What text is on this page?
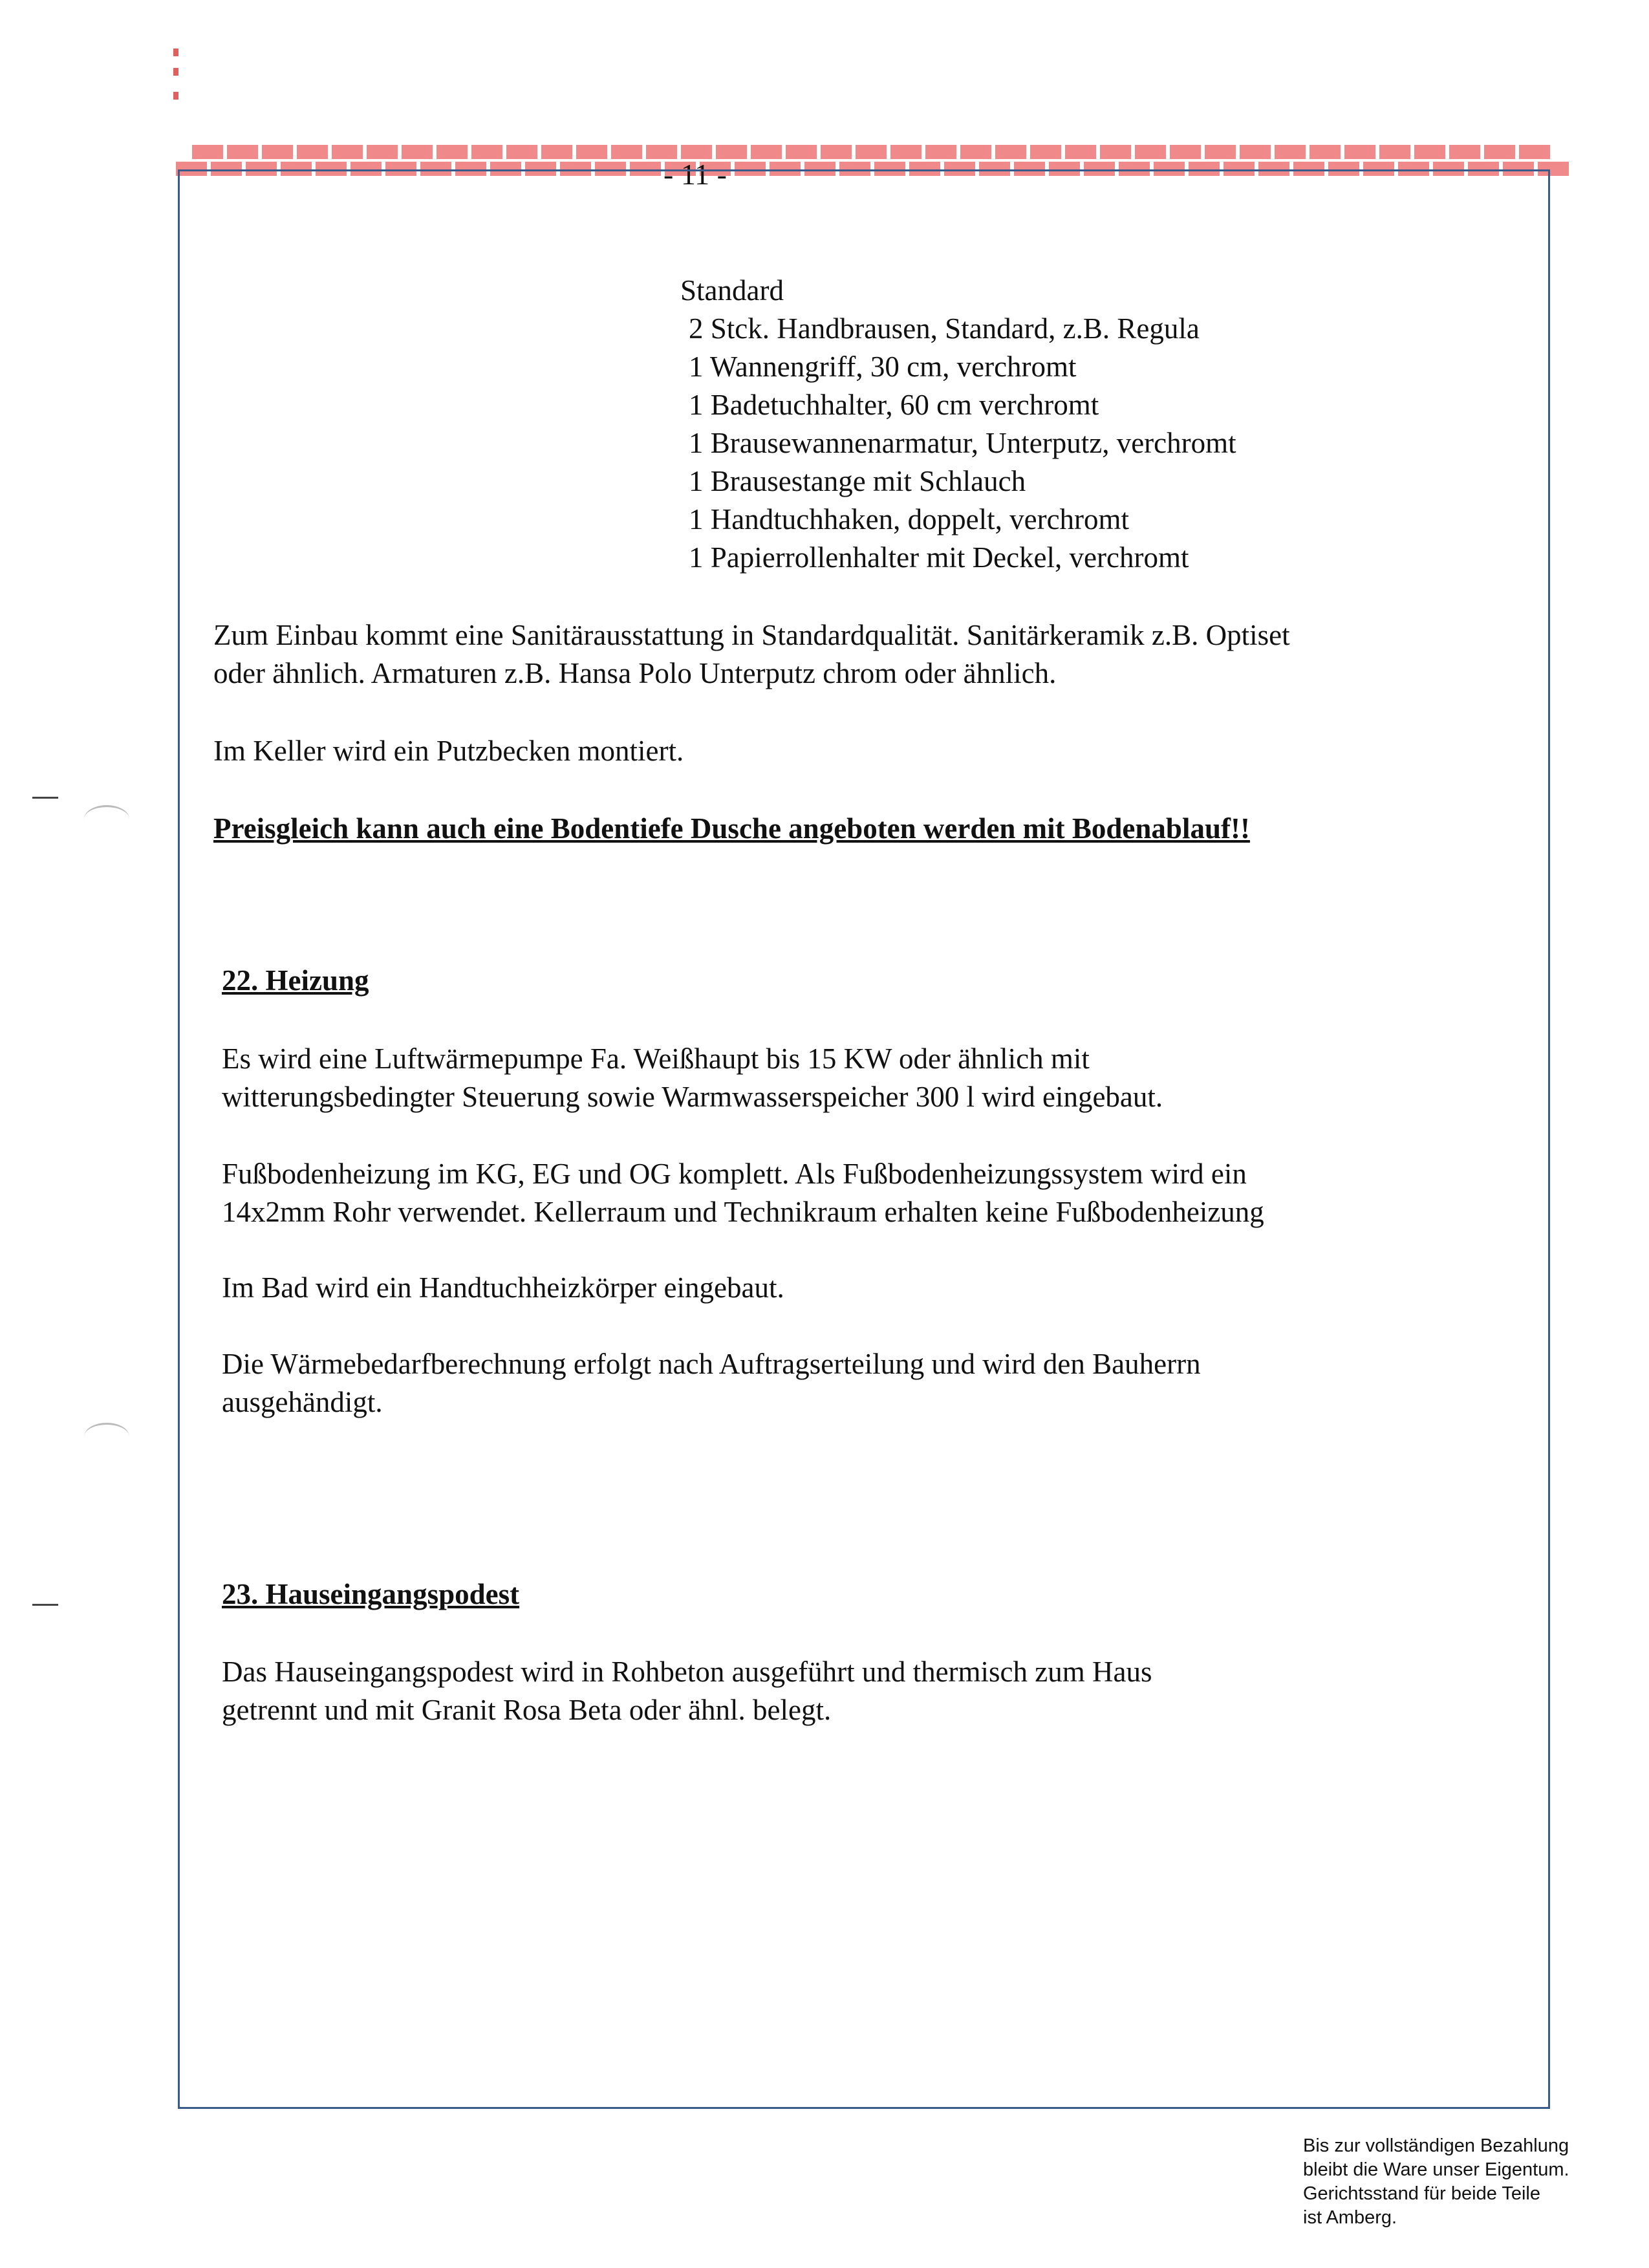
- 11 -
Standard
2 Stck. Handbrausen, Standard, z.B. Regula
1 Wannengriff, 30 cm, verchromt
1 Badetuchhalter, 60 cm verchromt
1 Brausewannenarmatur, Unterputz, verchromt
1 Brausestange mit Schlauch
1 Handtuchhaken, doppelt, verchromt
1 Papierrollenhalter mit Deckel, verchromt
Zum Einbau kommt eine Sanitärausstattung in Standardqualität. Sanitärkeramik z.B. Optiset
oder ähnlich. Armaturen z.B. Hansa Polo Unterputz chrom oder ähnlich.
Im Keller wird ein Putzbecken montiert.
Preisgleich kann auch eine Bodentiefe Dusche angeboten werden mit Bodenablauf!!
22. Heizung
Es wird eine Luftwärmepumpe Fa. Weißhaupt bis 15 KW oder ähnlich mit
witterungsbedingter Steuerung sowie Warmwasserspeicher 300 l wird eingebaut.
Fußbodenheizung im KG, EG und OG komplett. Als Fußbodenheizungssystem wird ein
14x2mm Rohr verwendet. Kellerraum und Technikraum erhalten keine Fußbodenheizung
Im Bad wird ein Handtuchheizkörper eingebaut.
Die Wärmebedarfberechnung erfolgt nach Auftragserteilung und wird den Bauherrn
ausgehändigt.
23. Hauseingangspodest
Das Hauseingangspodest wird in Rohbeton ausgeführt und thermisch zum Haus
getrennt und mit Granit Rosa Beta oder ähnl. belegt.
Bis zur vollständigen Bezahlung
bleibt die Ware unser Eigentum.
Gerichtsstand für beide Teile
ist Amberg.
